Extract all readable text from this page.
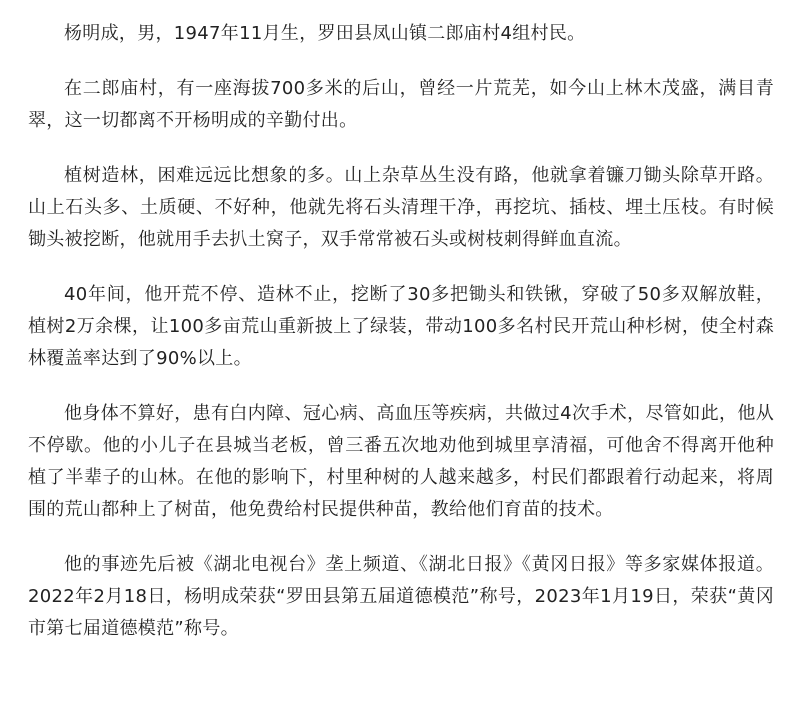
杨明成，男，1947年11月生，罗田县凤山镇二郎庙村4组村民。

在二郎庙村，有一座海拔700多米的后山，曾经一片荒芜，如今山上林木茂盛，满目青翠，这一切都离不开杨明成的辛勤付出。

植树造林，困难远远比想象的多。山上杂草丛生没有路，他就拿着镰刀锄头除草开路。山上石头多、土质硬、不好种，他就先将石头清理干净，再挖坑、插枝、埋土压枝。有时候锄头被挖断，他就用手去扒土窝子，双手常常被石头或树枝刺得鲜血直流。

40年间，他开荒不停、造林不止，挖断了30多把锄头和铁锹，穿破了50多双解放鞋，植树2万余棵，让100多亩荒山重新披上了绿装，带动100多名村民开荒山种杉树，使全村森林覆盖率达到了90%以上。

他身体不算好，患有白内障、冠心病、高血压等疾病，共做过4次手术，尽管如此，他从不停歇。他的小儿子在县城当老板，曾三番五次地劝他到城里享清福，可他舍不得离开他种植了半辈子的山林。在他的影响下，村里种树的人越来越多，村民们都跟着行动起来，将周围的荒山都种上了树苗，他免费给村民提供种苗，教给他们育苗的技术。

他的事迹先后被《湖北电视台》垄上频道、《湖北日报》《黄冈日报》等多家媒体报道。2022年2月18日，杨明成荣获“罗田县第五届道德模范”称号，2023年1月19日，荣获“黄冈市第七届道德模范”称号。
